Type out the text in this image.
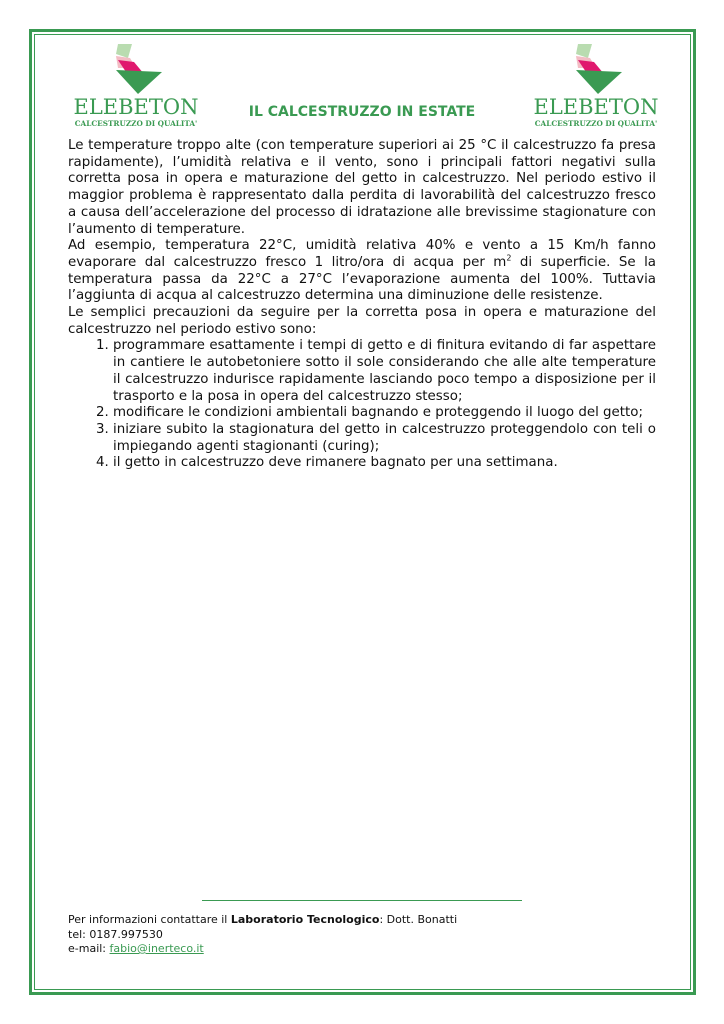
ELEBETON
CALCESTRUZZO DI QUALITA'
IL CALCESTRUZZO IN ESTATE	ELEBETON
CALCESTRUZZO DI QUALITA'

Le temperature troppo alte (con temperature superiori ai 25 °C il calcestruzzo fa presa rapidamente), l’umidità relativa e il vento, sono i principali fattori negativi sulla corretta posa in opera e maturazione del getto in calcestruzzo. Nel periodo estivo il maggior problema è rappresentato dalla perdita di lavorabilità del calcestruzzo fresco a causa dell’accelerazione del processo di idratazione alle brevissime stagionature con l’aumento di temperature.

Ad esempio, temperatura 22°C, umidità relativa 40% e vento a 15 Km/h fanno evaporare dal calcestruzzo fresco 1 litro/ora di acqua per $m^2$ di superficie. Se la temperatura passa da 22°C a 27°C l’evaporazione aumenta del 100%. Tuttavia l’aggiunta di acqua al calcestruzzo determina una diminuzione delle resistenze.

Le semplici precauzioni da seguire per la corretta posa in opera e maturazione del calcestruzzo nel periodo estivo sono:

1. programmare esattamente i tempi di getto e di finitura evitando di far aspettare in cantiere le autobetoniere sotto il sole considerando che alle alte temperature il calcestruzzo indurisce rapidamente lasciando poco tempo a disposizione per il trasporto e la posa in opera del calcestruzzo stesso;
2. modificare le condizioni ambientali bagnando e proteggendo il luogo del getto;
3. iniziare subito la stagionatura del getto in calcestruzzo proteggendolo con teli o impiegando agenti stagionanti (curing);
4. il getto in calcestruzzo deve rimanere bagnato per una settimana.
Per informazioni contattare il Laboratorio Tecnologico: Dott. Bonatti
tel: 0187.997530
e-mail: fabio@inerteco.it
